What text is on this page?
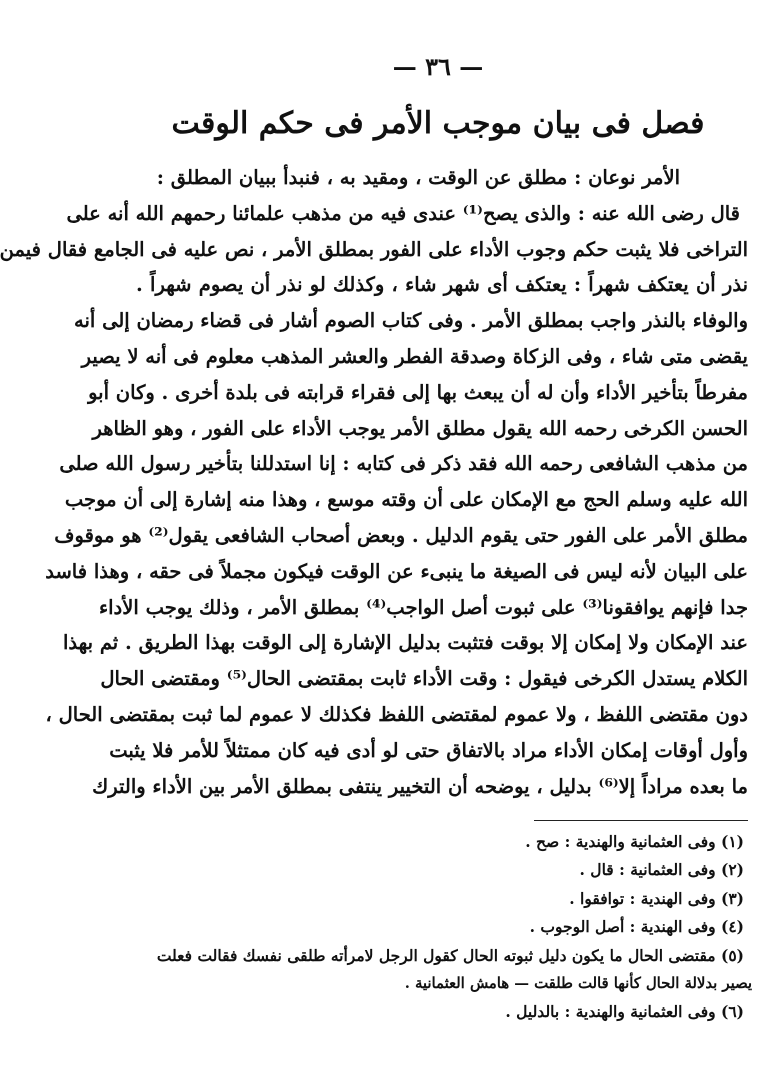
— ٣٦ —
فصل فى بيان موجب الأمر فى حكم الوقت
الأمر نوعان : مطلق عن الوقت ، ومقيد به ، فنبدأ ببيان المطلق :
قال رضى الله عنه : والذى يصح⁽¹⁾ عندى فيه من مذهب علمائنا رحمهم الله أنه على
التراخى فلا يثبت حكم وجوب الأداء على الفور بمطلق الأمر ، نص عليه فى الجامع فقال فيمن
نذر أن يعتكف شهراً : يعتكف أى شهر شاء ، وكذلك لو نذر أن يصوم شهراً .
والوفاء بالنذر واجب بمطلق الأمر . وفى كتاب الصوم أشار فى قضاء رمضان إلى أنه
يقضى متى شاء ، وفى الزكاة وصدقة الفطر والعشر المذهب معلوم فى أنه لا يصير
مفرطاً بتأخير الأداء وأن له أن يبعث بها إلى فقراء قرابته فى بلدة أخرى . وكان أبو
الحسن الكرخى رحمه الله يقول مطلق الأمر يوجب الأداء على الفور ، وهو الظاهر
من مذهب الشافعى رحمه الله فقد ذكر فى كتابه : إنا استدللنا بتأخير رسول الله صلى
الله عليه وسلم الحج مع الإمكان على أن وقته موسع ، وهذا منه إشارة إلى أن موجب
مطلق الأمر على الفور حتى يقوم الدليل . وبعض أصحاب الشافعى يقول⁽²⁾ هو موقوف
على البيان لأنه ليس فى الصيغة ما ينبىء عن الوقت فيكون مجملاً فى حقه ، وهذا فاسد
جدا فإنهم يوافقونا⁽³⁾ على ثبوت أصل الواجب⁽⁴⁾ بمطلق الأمر ، وذلك يوجب الأداء
عند الإمكان ولا إمكان إلا بوقت فتثبت بدليل الإشارة إلى الوقت بهذا الطريق . ثم بهذا
الكلام يستدل الكرخى فيقول : وقت الأداء ثابت بمقتضى الحال⁽⁵⁾ ومقتضى الحال
دون مقتضى اللفظ ، ولا عموم لمقتضى اللفظ فكذلك لا عموم لما ثبت بمقتضى الحال ،
وأول أوقات إمكان الأداء مراد بالاتفاق حتى لو أدى فيه كان ممتثلاً للأمر فلا يثبت
ما بعده مراداً إلا⁽⁶⁾ بدليل ، يوضحه أن التخيير ينتفى بمطلق الأمر بين الأداء والترك
(١) وفى العثمانية والهندية : صح .
(٢) وفى العثمانية : قال .
(٣) وفى الهندية : توافقوا .
(٤) وفى الهندية : أصل الوجوب .
(٥) مقتضى الحال ما يكون دليل ثبوته الحال كقول الرجل لامرأته طلقى نفسك فقالت فعلت
يصير بدلالة الحال كأنها قالت طلقت — هامش العثمانية .
(٦) وفى العثمانية والهندية : بالدليل .
